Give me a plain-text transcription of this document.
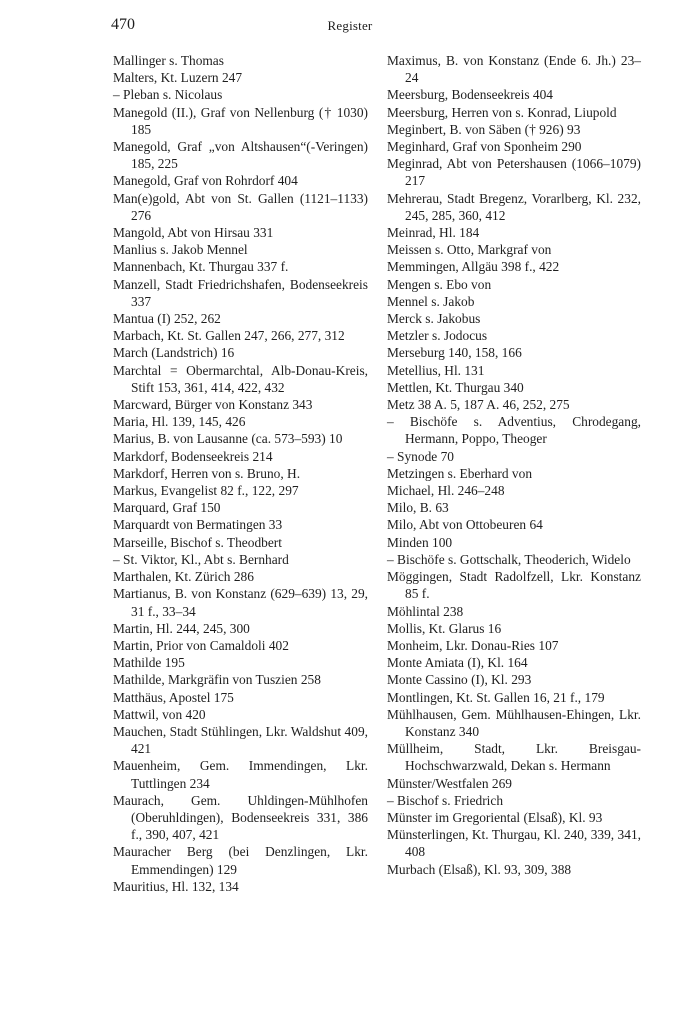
470	Register
Mallinger s. Thomas
Malters, Kt. Luzern 247
– Pleban s. Nicolaus
Manegold (II.), Graf von Nellenburg († 1030) 185
Manegold, Graf „von Altshausen“(-Veringen) 185, 225
Manegold, Graf von Rohrdorf 404
Man(e)gold, Abt von St. Gallen (1121–1133) 276
Mangold, Abt von Hirsau 331
Manlius s. Jakob Mennel
Mannenbach, Kt. Thurgau 337 f.
Manzell, Stadt Friedrichshafen, Bodenseekreis 337
Mantua (I) 252, 262
Marbach, Kt. St. Gallen 247, 266, 277, 312
March (Landstrich) 16
Marchtal = Obermarchtal, Alb-Donau-Kreis, Stift 153, 361, 414, 422, 432
Marcward, Bürger von Konstanz 343
Maria, Hl. 139, 145, 426
Marius, B. von Lausanne (ca. 573–593) 10
Markdorf, Bodenseekreis 214
Markdorf, Herren von s. Bruno, H.
Markus, Evangelist 82 f., 122, 297
Marquard, Graf 150
Marquardt von Bermatingen 33
Marseille, Bischof s. Theodbert
– St. Viktor, Kl., Abt s. Bernhard
Marthalen, Kt. Zürich 286
Martianus, B. von Konstanz (629–639) 13, 29, 31 f., 33–34
Martin, Hl. 244, 245, 300
Martin, Prior von Camaldoli 402
Mathilde 195
Mathilde, Markgräfin von Tuszien 258
Matthäus, Apostel 175
Mattwil, von 420
Mauchen, Stadt Stühlingen, Lkr. Waldshut 409, 421
Mauenheim, Gem. Immendingen, Lkr. Tuttlingen 234
Maurach, Gem. Uhldingen-Mühlhofen (Oberuhldingen), Bodenseekreis 331, 386 f., 390, 407, 421
Mauracher Berg (bei Denzlingen, Lkr. Emmendingen) 129
Mauritius, Hl. 132, 134
Maximus, B. von Konstanz (Ende 6. Jh.) 23–24
Meersburg, Bodenseekreis 404
Meersburg, Herren von s. Konrad, Liupold
Meginbert, B. von Säben († 926) 93
Meginhard, Graf von Sponheim 290
Meginrad, Abt von Petershausen (1066–1079) 217
Mehrerau, Stadt Bregenz, Vorarlberg, Kl. 232, 245, 285, 360, 412
Meinrad, Hl. 184
Meissen s. Otto, Markgraf von
Memmingen, Allgäu 398 f., 422
Mengen s. Ebo von
Mennel s. Jakob
Merck s. Jakobus
Metzler s. Jodocus
Merseburg 140, 158, 166
Metellius, Hl. 131
Mettlen, Kt. Thurgau 340
Metz 38 A. 5, 187 A. 46, 252, 275
– Bischöfe s. Adventius, Chrodegang, Hermann, Poppo, Theoger
– Synode 70
Metzingen s. Eberhard von
Michael, Hl. 246–248
Milo, B. 63
Milo, Abt von Ottobeuren 64
Minden 100
– Bischöfe s. Gottschalk, Theoderich, Widelo
Möggingen, Stadt Radolfzell, Lkr. Konstanz 85 f.
Möhlintal 238
Mollis, Kt. Glarus 16
Monheim, Lkr. Donau-Ries 107
Monte Amiata (I), Kl. 164
Monte Cassino (I), Kl. 293
Montlingen, Kt. St. Gallen 16, 21 f., 179
Mühlhausen, Gem. Mühlhausen-Ehingen, Lkr. Konstanz 340
Müllheim, Stadt, Lkr. Breisgau-Hochschwarzwald, Dekan s. Hermann
Münster/Westfalen 269
– Bischof s. Friedrich
Münster im Gregoriental (Elsaß), Kl. 93
Münsterlingen, Kt. Thurgau, Kl. 240, 339, 341, 408
Murbach (Elsaß), Kl. 93, 309, 388
